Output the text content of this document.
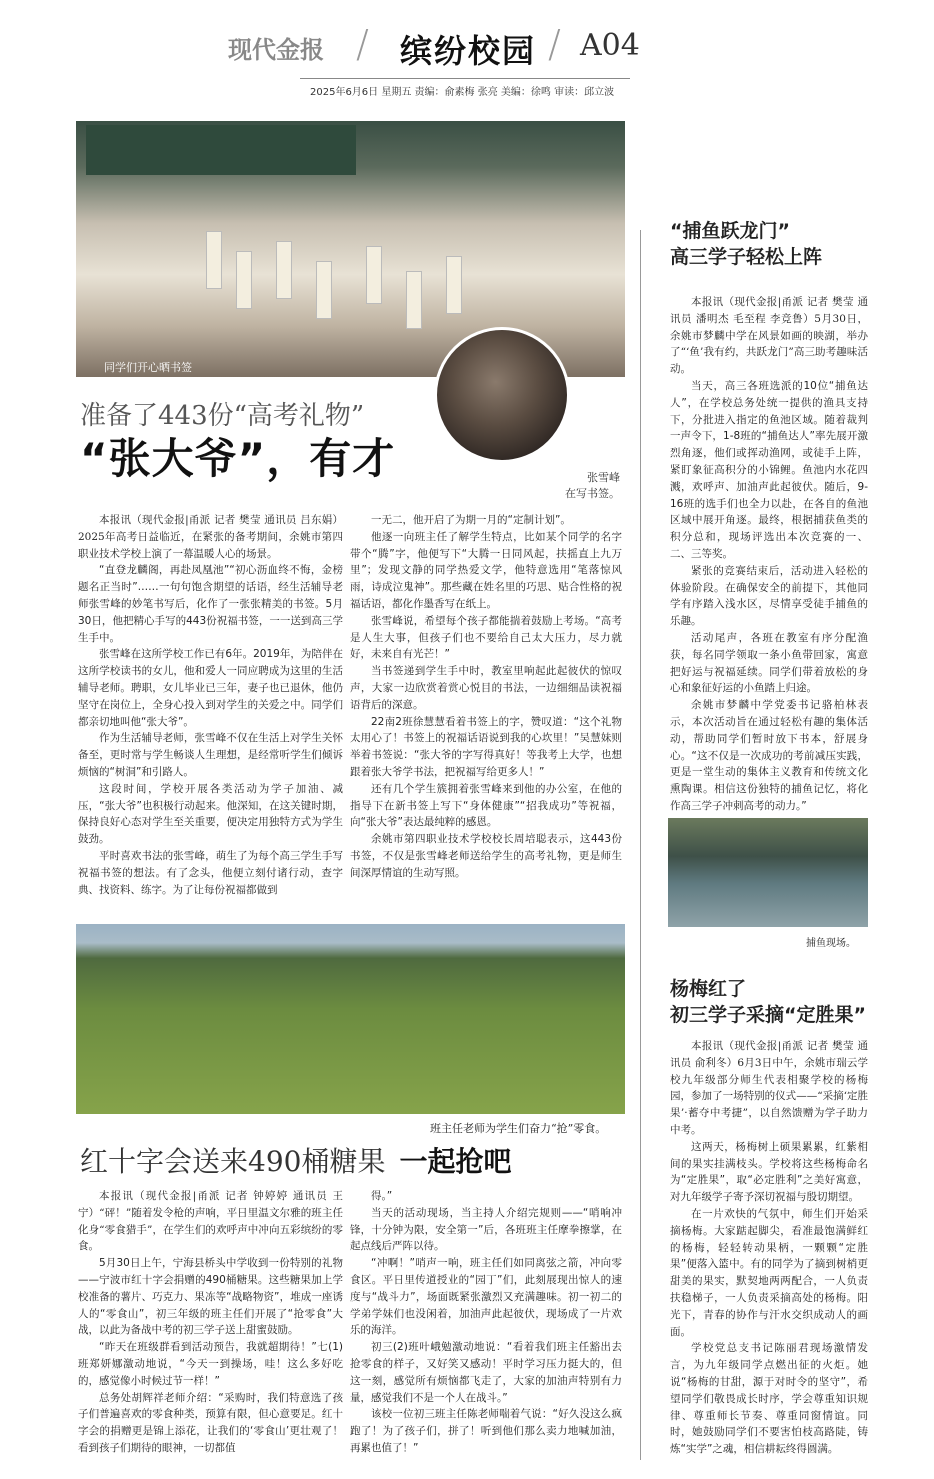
现代金报 / 缤纷校园 / A04
2025年6月6日 星期五 责编：俞素梅 张亮 美编：徐鸣 审读：邱立波
同学们开心晒书签
张雪峰
在写书签。
准备了443份“高考礼物”
“张大爷”，有才

本报讯（现代金报|甬派 记者 樊莹 通讯员 吕东娟）2025年高考日益临近，在紧张的备考期间，余姚市第四职业技术学校上演了一幕温暖人心的场景。

“直登龙麟阁，再赴凤凰池”“初心沥血终不悔，金榜题名正当时”……一句句饱含期望的话语，经生活辅导老师张雪峰的妙笔书写后，化作了一张张精美的书签。5月30日，他把精心手写的443份祝福书签，一一送到高三学生手中。

张雪峰在这所学校工作已有6年。2019年，为陪伴在这所学校读书的女儿，他和爱人一同应聘成为这里的生活辅导老师。聘职，女儿毕业已三年，妻子也已退休，他仍坚守在岗位上，全身心投入到对学生的关爱之中。同学们都亲切地叫他“张大爷”。

作为生活辅导老师，张雪峰不仅在生活上对学生关怀备至，更时常与学生畅谈人生理想，是经常听学生们倾诉烦恼的“树洞”和引路人。

这段时间，学校开展各类活动为学子加油、减压，“张大爷”也积极行动起来。他深知，在这关键时期，保持良好心态对学生至关重要，便决定用独特方式为学生鼓劲。

平时喜欢书法的张雪峰，萌生了为每个高三学生手写祝福书签的想法。有了念头，他便立刻付诸行动，查字典、找资料、练字。为了让每份祝福都做到

一无二，他开启了为期一月的“定制计划”。

他逐一向班主任了解学生特点，比如某个同学的名字带个“腾”字，他便写下“大腾一日同风起，扶摇直上九万里”；发现文静的同学热爱文学，他特意选用“笔落惊风雨，诗成泣鬼神”。那些藏在姓名里的巧思、贴合性格的祝福话语，都化作墨香写在纸上。

张雪峰说，希望每个孩子都能揣着鼓励上考场。“高考是人生大事，但孩子们也不要给自己太大压力，尽力就好，未来自有光芒！”

当书签递到学生手中时，教室里响起此起彼伏的惊叹声，大家一边欣赏着赏心悦目的书法，一边细细品读祝福语背后的深意。

22南2班徐慧慧看着书签上的字，赞叹道：“这个礼物太用心了！书签上的祝福话语说到我的心坎里！”吴慧妹则举着书签说：“张大爷的字写得真好！等我考上大学，也想跟着张大爷学书法，把祝福写给更多人！”

还有几个学生簇拥着张雪峰来到他的办公室，在他的指导下在新书签上写下“身体健康”“招我成功”等祝福，向“张大爷”表达最纯粹的感恩。

余姚市第四职业技术学校校长周培聪表示，这443份书签，不仅是张雪峰老师送给学生的高考礼物，更是师生间深厚情谊的生动写照。

班主任老师为学生们奋力“抢”零食。
红十字会送来490桶糖果 一起抢吧

本报讯（现代金报|甬派 记者 钟婷婷 通讯员 王宁）“砰！”随着发令枪的声响，平日里温文尔雅的班主任化身“零食猎手”，在学生们的欢呼声中冲向五彩缤纷的零食。

5月30日上午，宁海县桥头中学收到一份特别的礼物——宁波市红十字会捐赠的490桶糖果。这些糖果加上学校准备的薯片、巧克力、果冻等“战略物资”，堆成一座诱人的“零食山”，初三年级的班主任们开展了“抢零食”大战，以此为备战中考的初三学子送上甜蜜鼓励。

“昨天在班级群看到活动预告，我就超期待！”七(1)班郑妍娜激动地说，“今天一到操场，哇！这么多好吃的，感觉像小时候过节一样！”

总务处胡辉祥老师介绍：“采购时，我们特意选了孩子们普遍喜欢的零食种类，预算有限，但心意要足。红十字会的捐赠更是锦上添花，让我们的‘零食山’更壮观了！看到孩子们期待的眼神，一切都值

得。”

当天的活动现场，当主持人介绍完规则——“哨响冲锋，十分钟为限，安全第一”后，各班班主任摩拳擦掌，在起点线后严阵以待。

“冲啊！”哨声一响，班主任们如同离弦之箭，冲向零食区。平日里传道授业的“园丁”们，此刻展现出惊人的速度与“战斗力”，场面既紧张激烈又充满趣味。初一初二的学弟学妹们也没闲着，加油声此起彼伏，现场成了一片欢乐的海洋。

初三(2)班叶峨勉激动地说：“看着我们班主任豁出去抢零食的样子，又好笑又感动！平时学习压力挺大的，但这一刻，感觉所有烦恼都飞走了，大家的加油声特别有力量，感觉我们不是一个人在战斗。”

该校一位初三班主任陈老师喘着气说：“好久没这么疯跑了！为了孩子们，拼了！听到他们那么卖力地喊加油，再累也值了！”

“捕鱼跃龙门”
高三学子轻松上阵

本报讯（现代金报|甬派 记者 樊莹 通讯员 潘明杰 毛至程 李竞鲁）5月30日，余姚市梦麟中学在风景如画的映湖，举办了“‘鱼’我有约，共跃龙门”高三助考趣味活动。

当天，高三各班选派的10位“捕鱼达人”，在学校总务处统一提供的渔具支持下，分批进入指定的鱼池区域。随着裁判一声令下，1-8班的“捕鱼达人”率先展开激烈角逐，他们或挥动渔网，或徒手上阵，紧盯象征高积分的小锦鲤。鱼池内水花四溅，欢呼声、加油声此起彼伏。随后，9-16班的选手们也全力以赴，在各自的鱼池区域中展开角逐。最终，根据捕获鱼类的积分总和，现场评选出本次竞赛的一、二、三等奖。

紧张的竞赛结束后，活动进入轻松的体验阶段。在确保安全的前提下，其他同学有序踏入浅水区，尽情享受徒手捕鱼的乐趣。

活动尾声，各班在教室有序分配渔获，每名同学领取一条小鱼带回家，寓意把好运与祝福延续。同学们带着放松的身心和象征好运的小鱼踏上归途。

余姚市梦麟中学党委书记骆柏林表示，本次活动旨在通过轻松有趣的集体活动，帮助同学们暂时放下书本，舒展身心。“这不仅是一次成功的考前减压实践，更是一堂生动的集体主义教育和传统文化熏陶课。相信这份独特的捕鱼记忆，将化作高三学子冲刺高考的动力。”

捕鱼现场。
杨梅红了
初三学子采摘“定胜果”

本报讯（现代金报|甬派 记者 樊莹 通讯员 俞利冬）6月3日中午，余姚市瑞云学校九年级部分师生代表相聚学校的杨梅园，参加了一场特别的仪式——“采摘‘定胜果’·蓄夺中考捷”，以自然馈赠为学子助力中考。

这两天，杨梅树上硕果累累，红紫相间的果实挂满枝头。学校将这些杨梅命名为“定胜果”，取“必定胜利”之美好寓意，对九年级学子寄予深切祝福与殷切期望。

在一片欢快的气氛中，师生们开始采摘杨梅。大家踮起脚尖，看准最饱满鲜红的杨梅，轻轻转动果柄，一颗颗“定胜果”便落入篮中。有的同学为了摘到树梢更甜美的果实，默契地两两配合，一人负责扶稳梯子，一人负责采摘高处的杨梅。阳光下，青春的协作与汗水交织成动人的画面。

学校党总支书记陈丽君现场激情发言，为九年级同学点燃出征的火炬。她说“杨梅的甘甜，源于对时令的坚守”，希望同学们敬畏成长时序，学会尊重知识规律、尊重师长节奏、尊重同窗情谊。同时，她鼓励同学们不要害怕枝高路陡，铸炼“实学”之魂，相信耕耘终得圆满。
